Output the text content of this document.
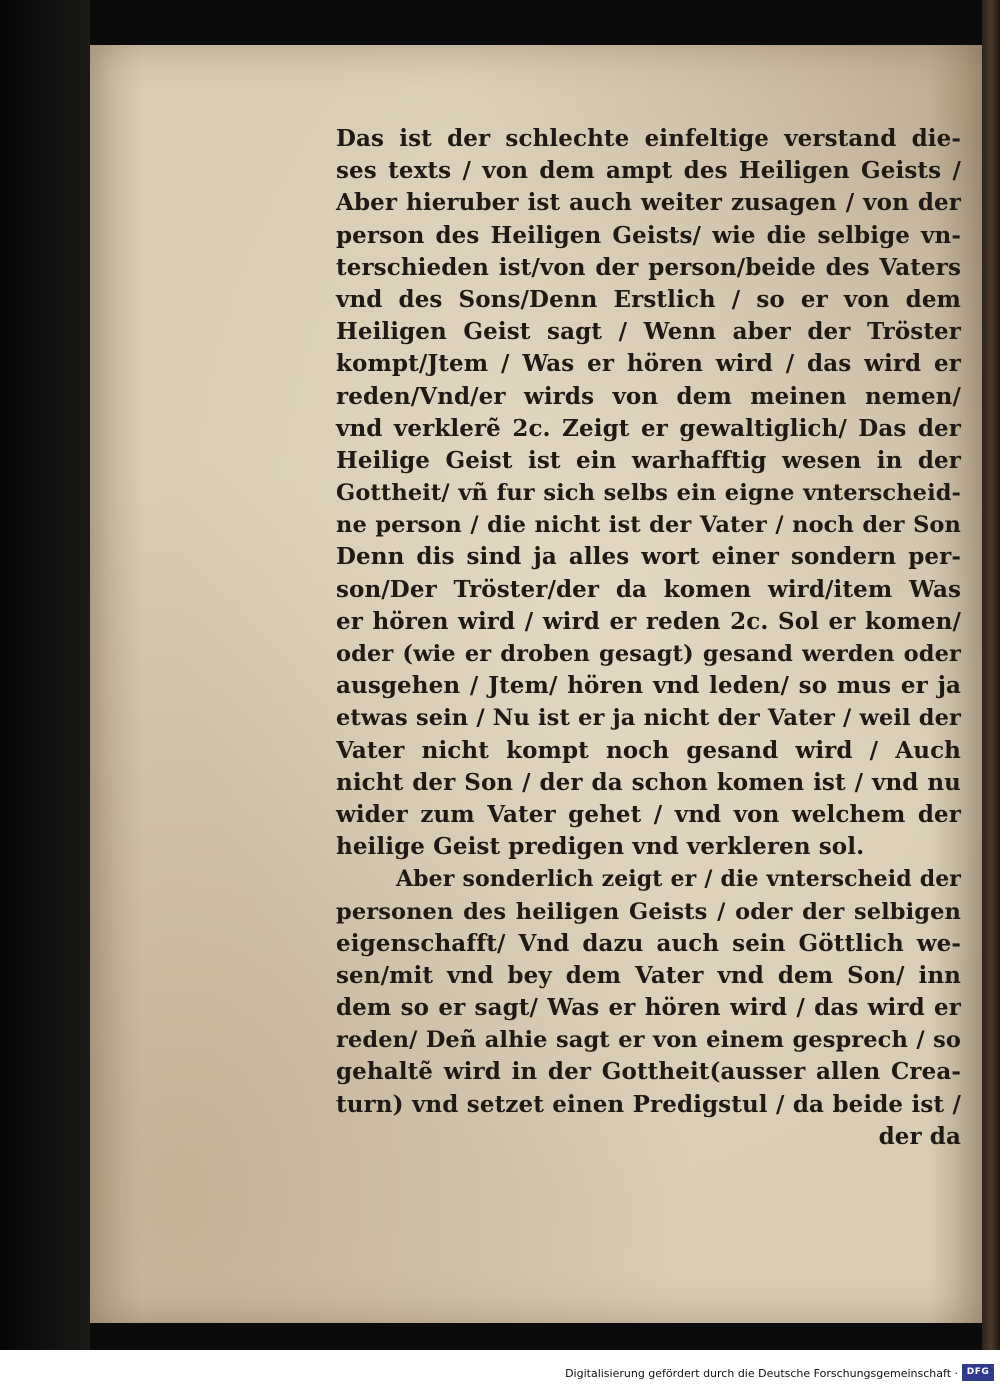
Das ist der schlechte einfeltige verstand die-
ses texts / von dem ampt des Heiligen Geists /
Aber hieruber ist auch weiter zusagen / von der
person des Heiligen Geists/ wie die selbige vn-
terschieden ist/von der person/beide des Vaters
vnd des Sons/Denn Erstlich / so er von dem
Heiligen Geist sagt / Wenn aber der Tröster
kompt/Jtem / Was er hören wird / das wird er
reden/Vnd/er wirds von dem meinen nemen/
vnd verklerẽ 2c. Zeigt er gewaltiglich/ Das der
Heilige Geist ist ein warhafftig wesen in der
Gottheit/ vñ fur sich selbs ein eigne vnterscheid-
ne person / die nicht ist der Vater / noch der Son
Denn dis sind ja alles wort einer sondern per-
son/Der Tröster/der da komen wird/item Was
er hören wird / wird er reden 2c. Sol er komen/
oder (wie er droben gesagt) gesand werden oder
ausgehen / Jtem/ hören vnd leden/ so mus er ja
etwas sein / Nu ist er ja nicht der Vater / weil der
Vater nicht kompt noch gesand wird / Auch
nicht der Son / der da schon komen ist / vnd nu
wider zum Vater gehet / vnd von welchem der
heilige Geist predigen vnd verkleren sol.
Aber sonderlich zeigt er / die vnterscheid der
personen des heiligen Geists / oder der selbigen
eigenschafft/ Vnd dazu auch sein Göttlich we-
sen/mit vnd bey dem Vater vnd dem Son/ inn
dem so er sagt/ Was er hören wird / das wird er
reden/ Deñ alhie sagt er von einem gesprech / so
gehaltẽ wird in der Gottheit(ausser allen Crea-
turn) vnd setzet einen Predigstul / da beide ist /
der da
Digitalisierung gefördert durch die Deutsche Forschungsgemeinschaft · DFG
